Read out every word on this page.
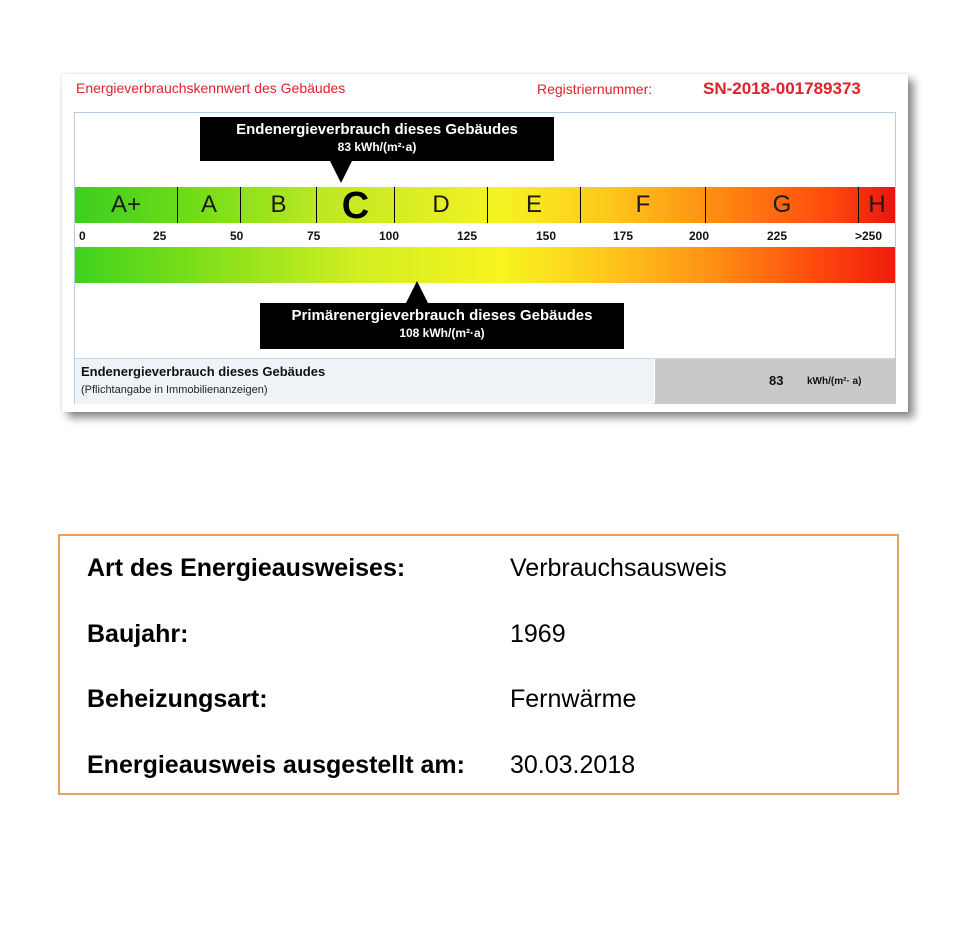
Energieverbrauchskennwert des Gebäudes	Registriernummer:	SN-2018-001789373
Endenergieverbrauch dieses Gebäudes
83 kWh/(m²·a)
A+	A	B	C	D	E	F	G	H
0	25	50	75	100	125	150	175	200	225	>250
Primärenergieverbrauch dieses Gebäudes
108 kWh/(m²·a)
Endenergieverbrauch dieses Gebäudes
(Pflichtangabe in Immobilienanzeigen)
83 kWh/(m²· a)
Art des Energieausweises:	Verbrauchsausweis
Baujahr:	1969
Beheizungsart:	Fernwärme
Energieausweis ausgestellt am: 30.03.2018
